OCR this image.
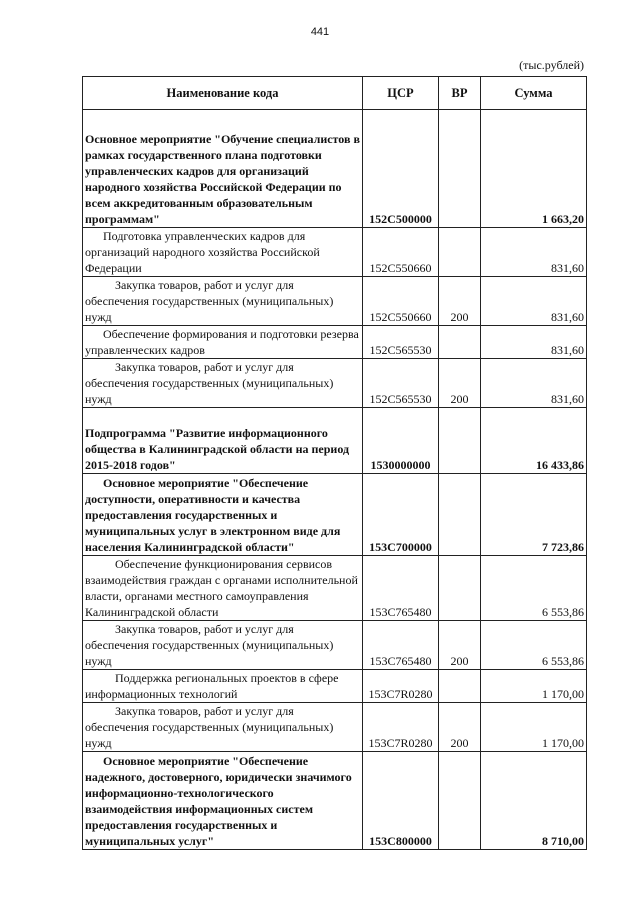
441
(тыс.рублей)
Наименование кода	ЦСР	ВР	Сумма

Основное мероприятие "Обучение специалистов в рамках государственного плана подготовки управленческих кадров для организаций народного хозяйства Российской Федерации по всем аккредитованным образовательным программам"	152С500000		1 663,20
Подготовка управленческих кадров для организаций народного хозяйства Российской Федерации	152С550660		831,60
Закупка товаров, работ и услуг для обеспечения государственных (муниципальных) нужд	152С550660	200	831,60
Обеспечение формирования и подготовки резерва управленческих кадров	152С565530		831,60
Закупка товаров, работ и услуг для обеспечения государственных (муниципальных) нужд	152С565530	200	831,60

Подпрограмма "Развитие информационного общества в Калининградской области на период 2015-2018 годов"	1530000000		16 433,86
Основное мероприятие "Обеспечение доступности, оперативности и качества предоставления государственных и муниципальных услуг в электронном виде для населения Калининградской области"	153С700000		7 723,86
Обеспечение функционирования сервисов взаимодействия граждан с органами исполнительной власти, органами местного самоуправления Калининградской области	153С765480		6 553,86
Закупка товаров, работ и услуг для обеспечения государственных (муниципальных) нужд	153С765480	200	6 553,86
Поддержка региональных проектов в сфере информационных технологий	153С7R0280		1 170,00
Закупка товаров, работ и услуг для обеспечения государственных (муниципальных) нужд	153С7R0280	200	1 170,00
Основное мероприятие "Обеспечение надежного, достоверного, юридически значимого информационно-технологического взаимодействия информационных систем предоставления государственных и муниципальных услуг"	153С800000		8 710,00
